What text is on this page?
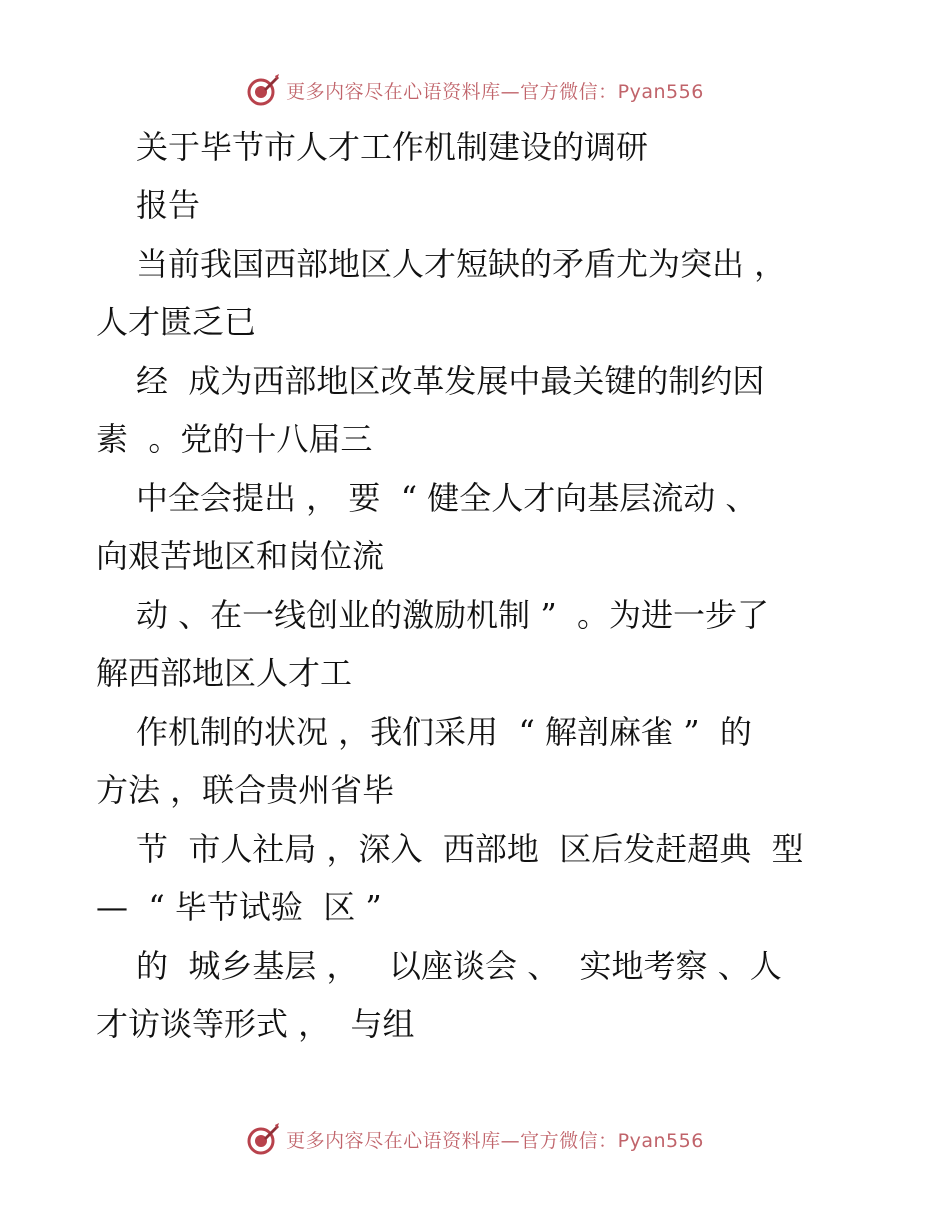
更多内容尽在心语资料库—官方微信：Pyan556
关于毕节市人才工作机制建设的调研
报告
当前我国西部地区人才短缺的矛盾尤为突出 ，
人才匮乏已
经  成为西部地区改革发展中最关键的制约因
素  。党的十八届三
中全会提出 ， 要  “ 健全人才向基层流动 、
向艰苦地区和岗位流
动 、在一线创业的激励机制 ”  。为进一步了
解西部地区人才工
作机制的状况 ，我们采用  “ 解剖麻雀 ”  的
方法 ，联合贵州省毕
节  市人社局 ，深入  西部地  区后发赶超典  型
—  “ 毕节试验  区 ”
的  城乡基层 ，   以座谈会 、  实地考察 、人
才访谈等形式 ，  与组
更多内容尽在心语资料库—官方微信：Pyan556
